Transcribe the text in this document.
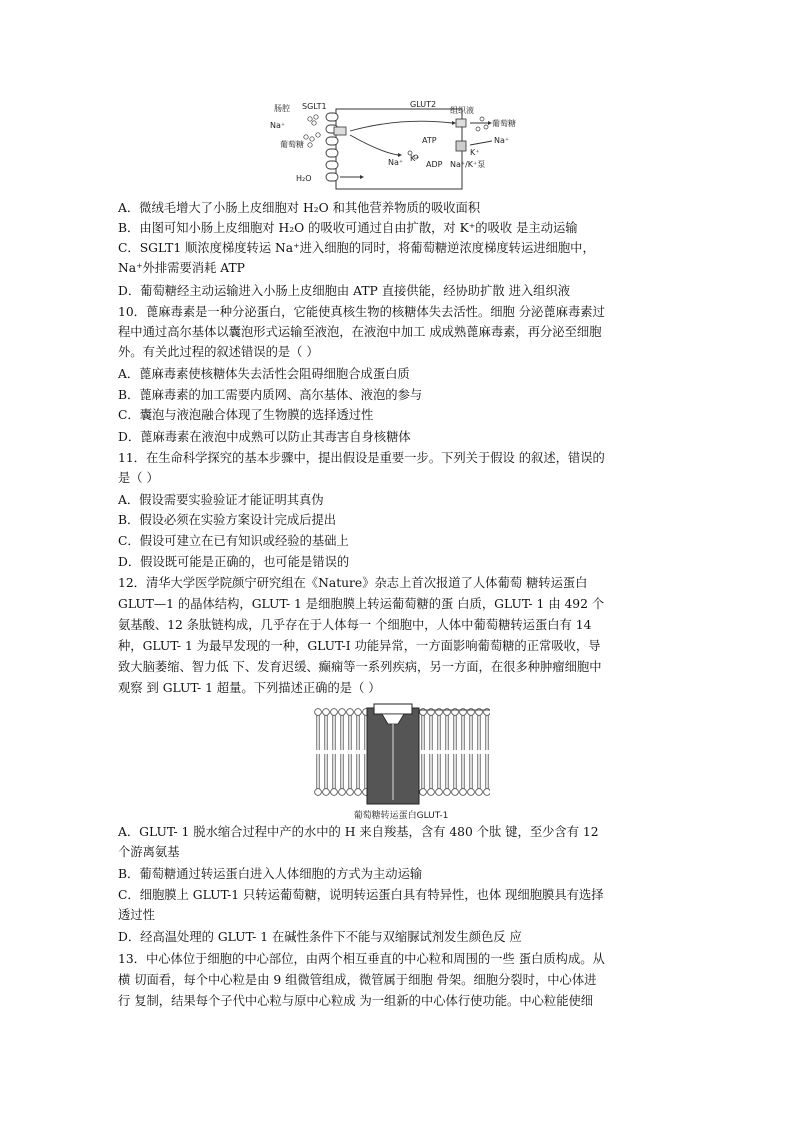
肠腔 SGLT1	GLUT2
组织液
Na⁺
葡萄糖
葡萄糖
ATP	Na⁺
K⁺
Na⁺ K⁺
ADP Na⁺/K⁺泵
H₂O
A．微绒毛增大了小肠上皮细胞对 H₂O 和其他营养物质的吸收面积
B．由图可知小肠上皮细胞对 H₂O 的吸收可通过自由扩散，对 K⁺的吸收 是主动运输
C．SGLT1 顺浓度梯度转运 Na⁺进入细胞的同时，将葡萄糖逆浓度梯度转运进细胞中，
Na⁺外排需要消耗 ATP
D．葡萄糖经主动运输进入小肠上皮细胞由 ATP 直接供能，经协助扩散 进入组织液
10．蓖麻毒素是一种分泌蛋白，它能使真核生物的核糖体失去活性。细胞 分泌蓖麻毒素过
程中通过高尔基体以囊泡形式运输至液泡，在液泡中加工 成成熟蓖麻毒素，再分泌至细胞
外。有关此过程的叙述错误的是（ ）
A．蓖麻毒素使核糖体失去活性会阻碍细胞合成蛋白质
B．蓖麻毒素的加工需要内质网、高尔基体、液泡的参与
C．囊泡与液泡融合体现了生物膜的选择透过性
D．蓖麻毒素在液泡中成熟可以防止其毒害自身核糖体
11．在生命科学探究的基本步骤中，提出假设是重要一步。下列关于假设 的叙述，错误的
是（ ）
A．假设需要实验验证才能证明其真伪
B．假设必须在实验方案设计完成后提出
C．假设可建立在已有知识或经验的基础上
D．假设既可能是正确的，也可能是错误的
12．清华大学医学院颜宁研究组在《Nature》杂志上首次报道了人体葡萄 糖转运蛋白
GLUT—1 的晶体结构，GLUT- 1 是细胞膜上转运葡萄糖的蛋 白质，GLUT- 1 由 492 个
氨基酸、12 条肽链构成，几乎存在于人体每一 个细胞中，人体中葡萄糖转运蛋白有 14
种，GLUT- 1 为最早发现的一种，GLUT-I 功能异常，一方面影响葡萄糖的正常吸收，导
致大脑萎缩、智力低 下、发育迟缓、癫痫等一系列疾病，另一方面，在很多种肿瘤细胞中
观察 到 GLUT- 1 超量。下列描述正确的是（ ）
葡萄糖转运蛋白GLUT-1
A．GLUT- 1 脱水缩合过程中产的水中的 H 来自羧基，含有 480 个肽 键，至少含有 12
个游离氨基
B．葡萄糖通过转运蛋白进入人体细胞的方式为主动运输
C．细胞膜上 GLUT-1 只转运葡萄糖，说明转运蛋白具有特异性，也体 现细胞膜具有选择
透过性
D．经高温处理的 GLUT- 1 在碱性条件下不能与双缩脲试剂发生颜色反 应
13．中心体位于细胞的中心部位，由两个相互垂直的中心粒和周围的一些 蛋白质构成。从
横 切面看，每个中心粒是由 9 组微管组成，微管属于细胞 骨架。细胞分裂时，中心体进
行 复制，结果每个子代中心粒与原中心粒成 为一组新的中心体行使功能。中心粒能使细
